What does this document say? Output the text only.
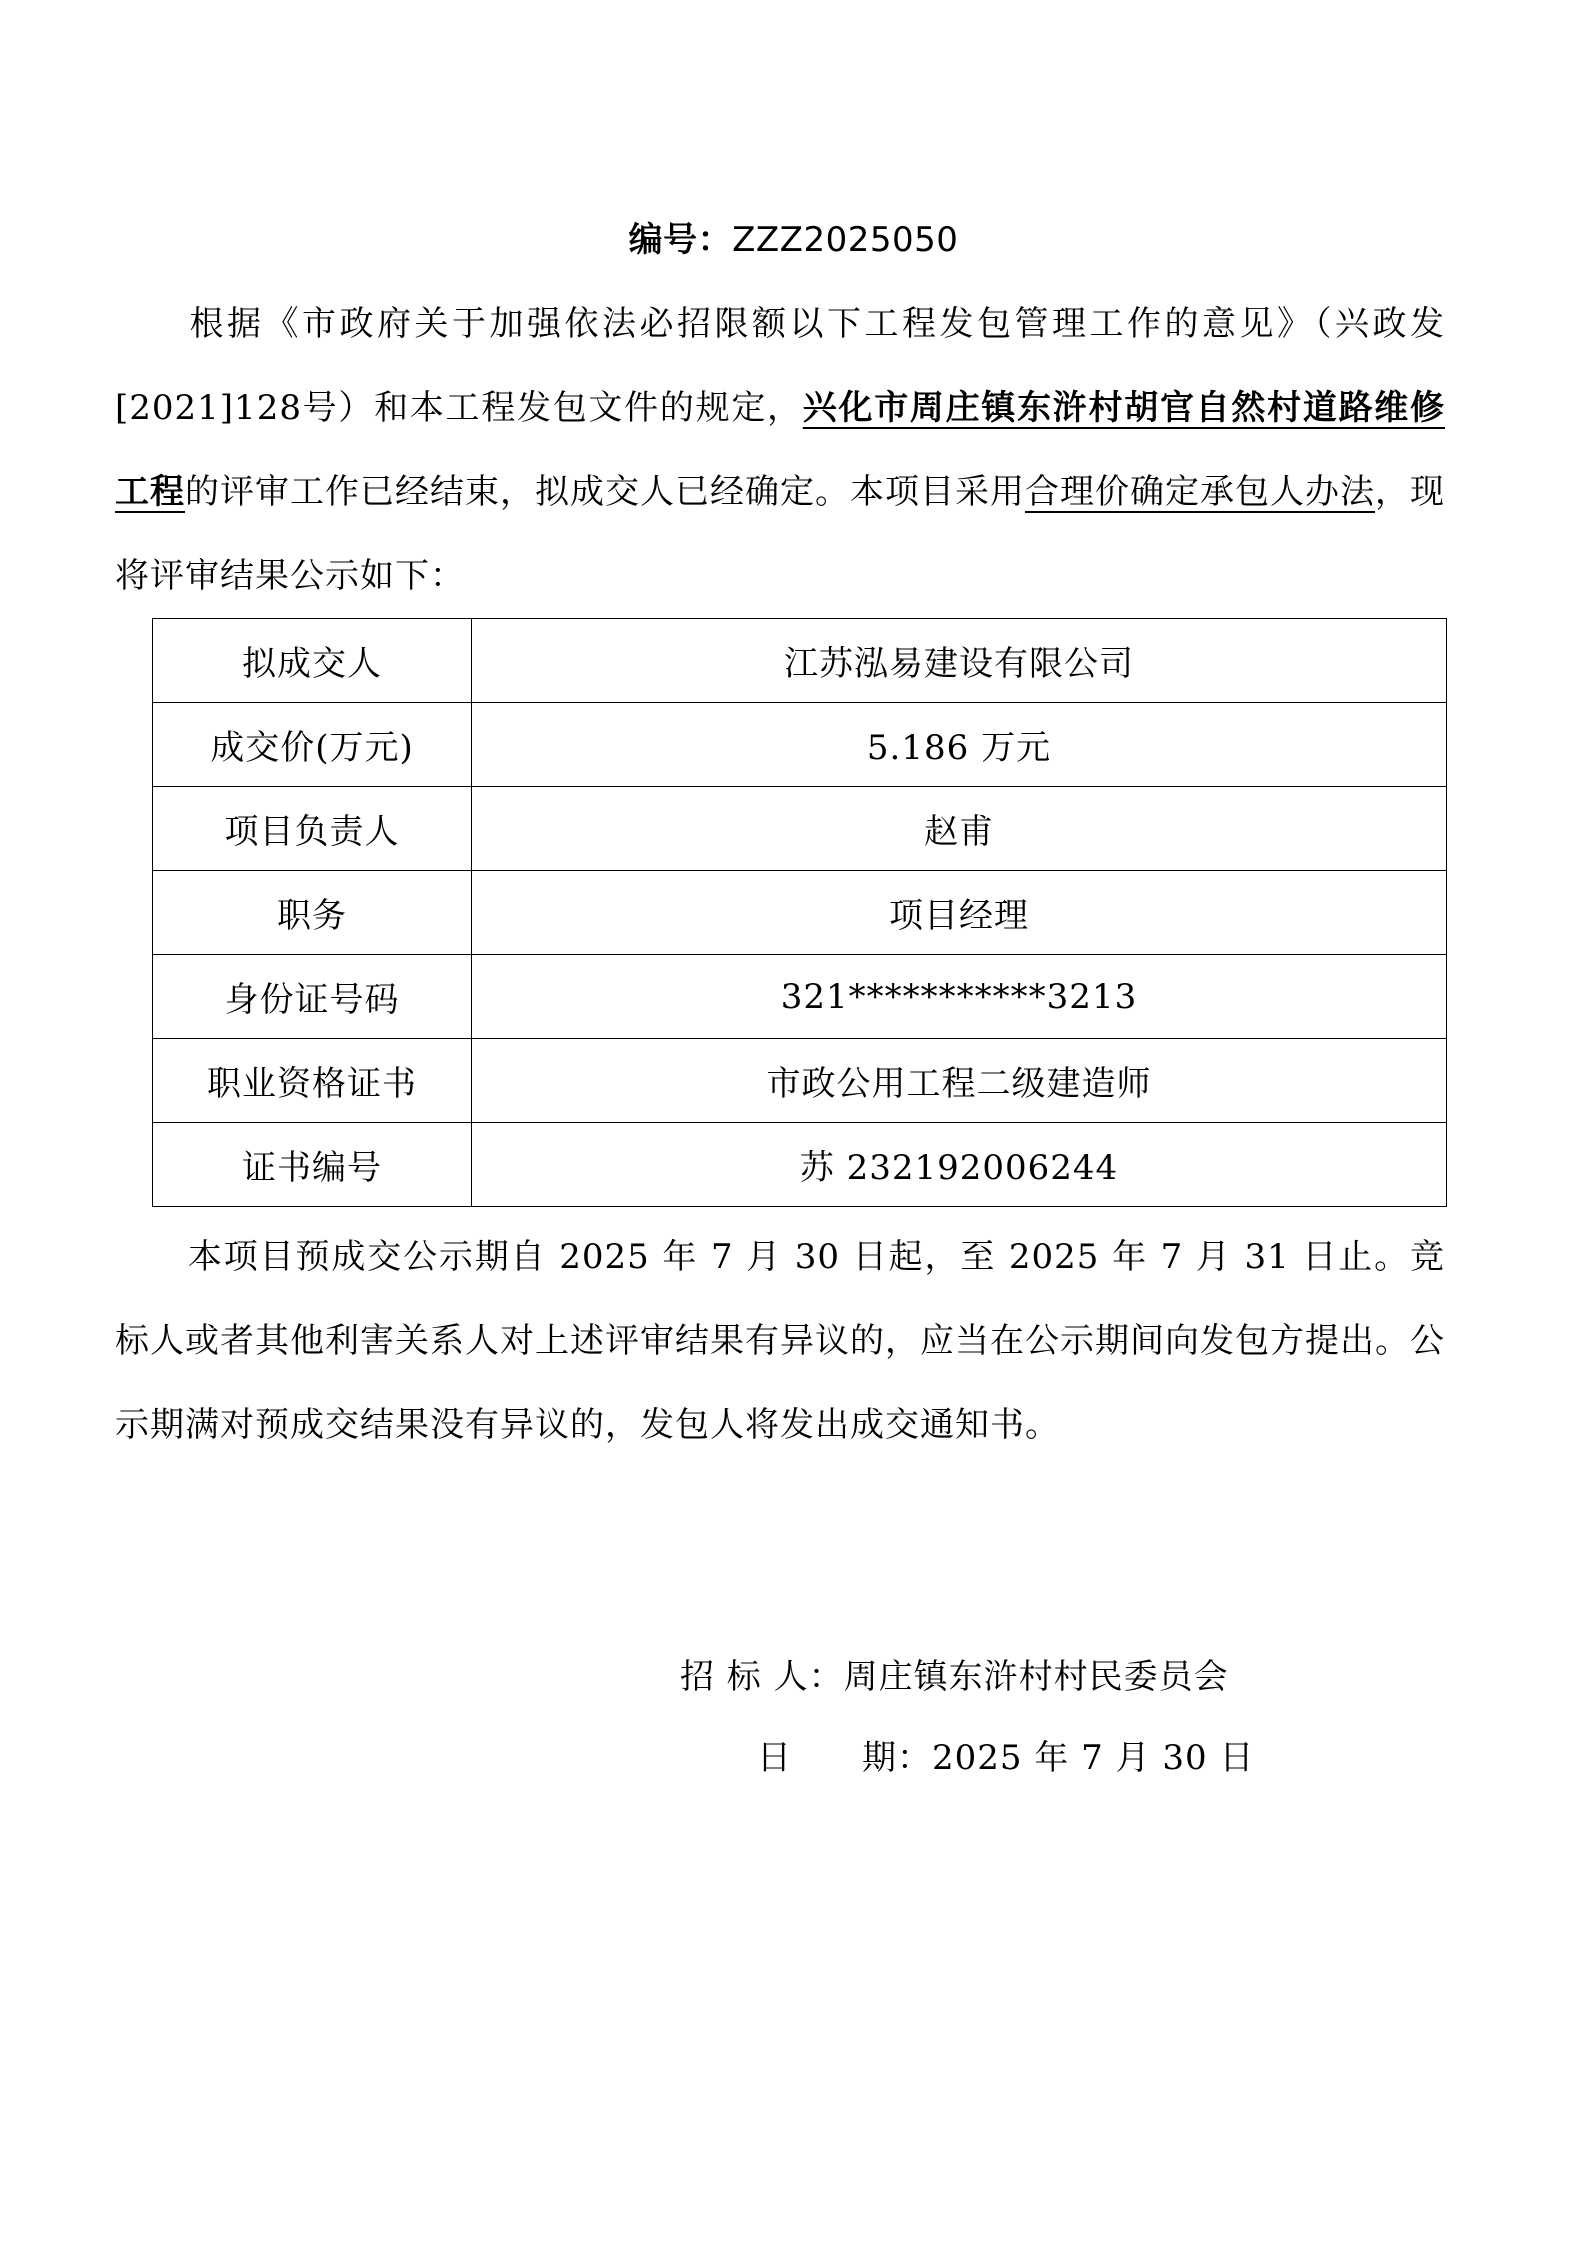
编号：ZZZ2025050

根据《市政府关于加强依法必招限额以下工程发包管理工作的意见》（兴政发[2021]128号）和本工程发包文件的规定，兴化市周庄镇东浒村胡官自然村道路维修工程的评审工作已经结束，拟成交人已经确定。本项目采用合理价确定承包人办法，现将评审结果公示如下：

拟成交人	江苏泓易建设有限公司
成交价(万元)	5.186 万元
项目负责人	赵甫
职务	项目经理
身份证号码	321***********3213
职业资格证书	市政公用工程二级建造师
证书编号	苏 232192006244

本项目预成交公示期自 2025 年 7 月 30 日起，至 2025 年 7 月 31 日止。竞标人或者其他利害关系人对上述评审结果有异议的，应当在公示期间向发包方提出。公示期满对预成交结果没有异议的，发包人将发出成交通知书。

招 标 人：周庄镇东浒村村民委员会
日　　期：2025 年 7 月 30 日
